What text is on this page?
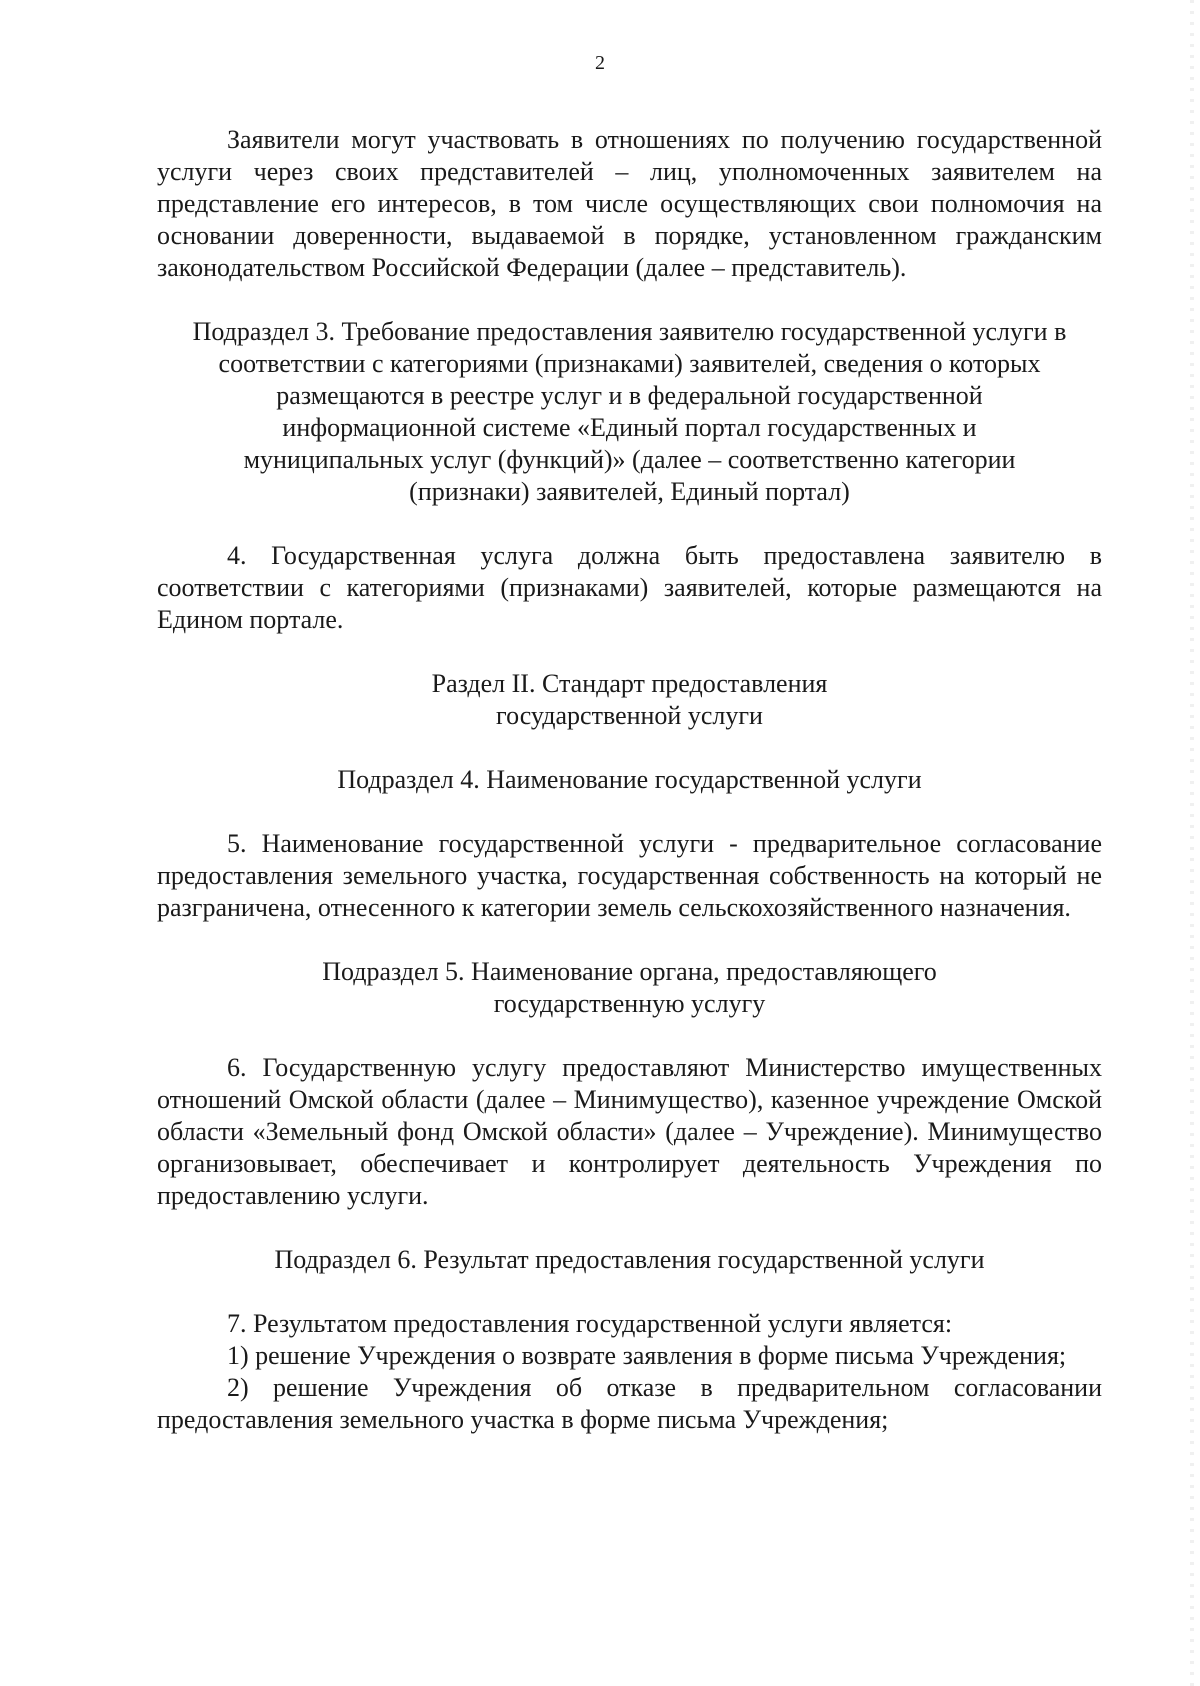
2

Заявители могут участвовать в отношениях по получению государственной услуги через своих представителей – лиц, уполномоченных заявителем на представление его интересов, в том числе осуществляющих свои полномочия на основании доверенности, выдаваемой в порядке, установленном гражданским законодательством Российской Федерации (далее – представитель).

Подраздел 3. Требование предоставления заявителю государственной услуги в
соответствии с категориями (признаками) заявителей, сведения о которых
размещаются в реестре услуг и в федеральной государственной
информационной системе «Единый портал государственных и
муниципальных услуг (функций)» (далее – соответственно категории
(признаки) заявителей, Единый портал)

4. Государственная услуга должна быть предоставлена заявителю в соответствии с категориями (признаками) заявителей, которые размещаются на Едином портале.

Раздел II. Стандарт предоставления
государственной услуги
Подраздел 4. Наименование государственной услуги

5. Наименование государственной услуги - предварительное согласование предоставления земельного участка, государственная собственность на который не разграничена, отнесенного к категории земель сельскохозяйственного назначения.

Подраздел 5. Наименование органа, предоставляющего
государственную услугу

6. Государственную услугу предоставляют Министерство имущественных отношений Омской области (далее – Минимущество), казенное учреждение Омской области «Земельный фонд Омской области» (далее – Учреждение). Минимущество организовывает, обеспечивает и контролирует деятельность Учреждения по предоставлению услуги.

Подраздел 6. Результат предоставления государственной услуги

7. Результатом предоставления государственной услуги является:

1) решение Учреждения о возврате заявления в форме письма Учреждения;

2) решение Учреждения об отказе в предварительном согласовании предоставления земельного участка в форме письма Учреждения;
